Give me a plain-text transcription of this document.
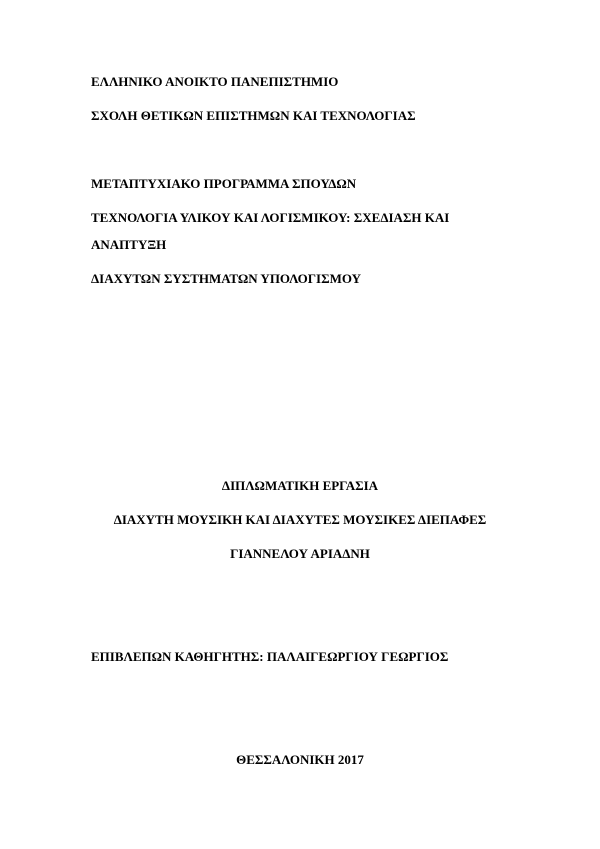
ΕΛΛΗΝΙΚΟ ΑΝΟΙΚΤΟ ΠΑΝΕΠΙΣΤΗΜΙΟ
ΣΧΟΛΗ ΘΕΤΙΚΩΝ ΕΠΙΣΤΗΜΩΝ ΚΑΙ ΤΕΧΝΟΛΟΓΙΑΣ
ΜΕΤΑΠΤΥΧΙΑΚΟ ΠΡΟΓΡΑΜΜΑ ΣΠΟΥΔΩΝ
ΤΕΧΝΟΛΟΓΙΑ ΥΛΙΚΟΥ ΚΑΙ ΛΟΓΙΣΜΙΚΟΥ: ΣΧΕΔΙΑΣΗ ΚΑΙ
ΑΝΑΠΤΥΞΗ
ΔΙΑΧΥΤΩΝ ΣΥΣΤΗΜΑΤΩΝ ΥΠΟΛΟΓΙΣΜΟΥ
ΔΙΠΛΩΜΑΤΙΚΗ ΕΡΓΑΣΙΑ
ΔΙΑΧΥΤΗ ΜΟΥΣΙΚΗ ΚΑΙ ΔΙΑΧΥΤΕΣ ΜΟΥΣΙΚΕΣ ΔΙΕΠΑΦΕΣ
ΓΙΑΝΝΕΛΟΥ ΑΡΙΑΔΝΗ
ΕΠΙΒΛΕΠΩΝ ΚΑΘΗΓΗΤΗΣ: ΠΑΛΑΙΓΕΩΡΓΙΟΥ ΓΕΩΡΓΙΟΣ
ΘΕΣΣΑΛΟΝΙΚΗ 2017
